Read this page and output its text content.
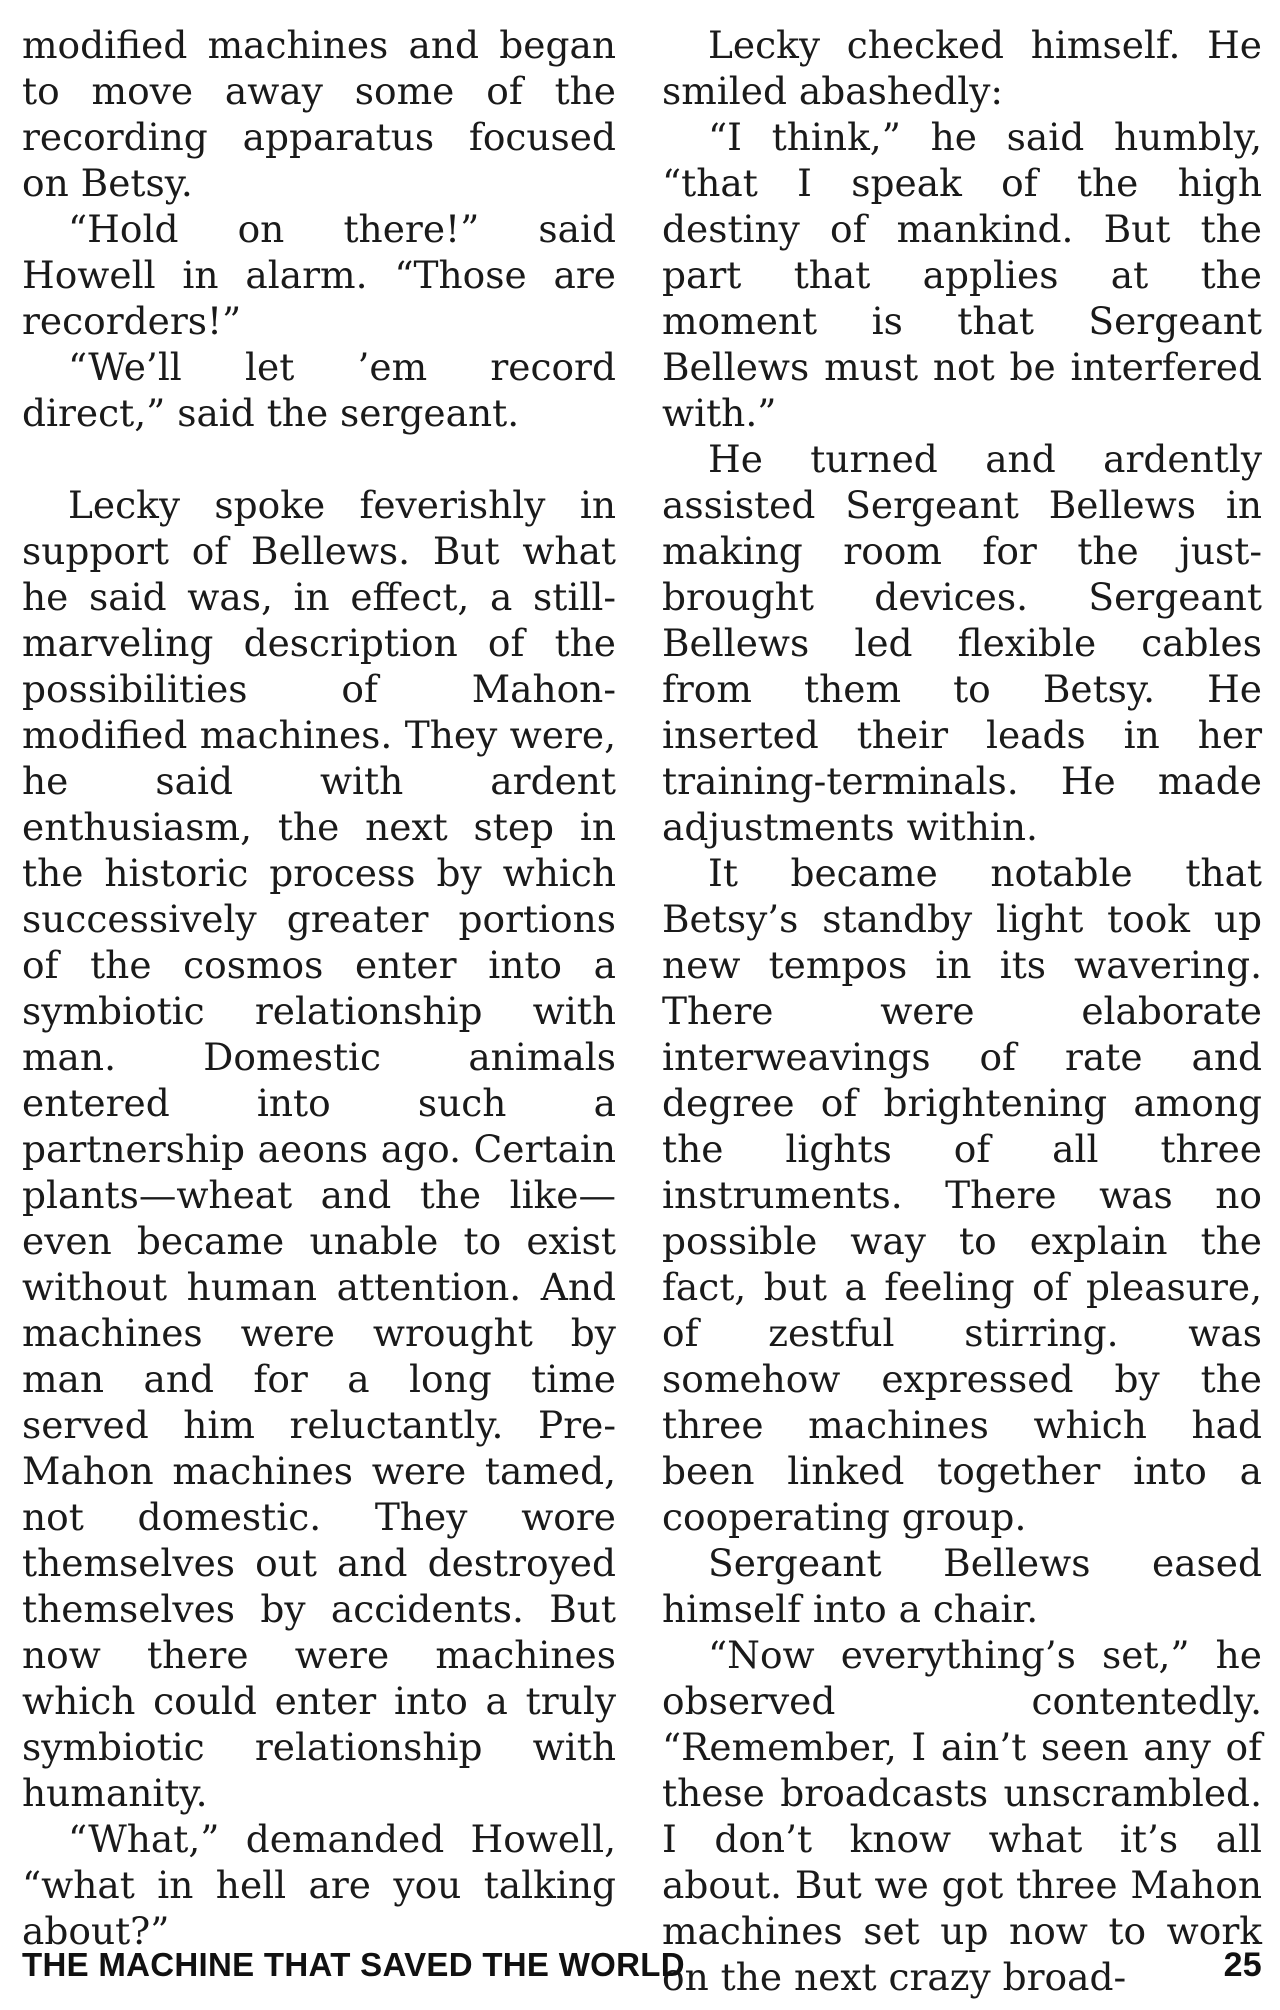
modified machines and began to move away some of the recording apparatus focused on Betsy.

“Hold on there!” said Howell in alarm. “Those are recorders!”

“We’ll let ’em record direct,” said the sergeant.

Lecky spoke feverishly in support of Bellews. But what he said was, in effect, a still-marveling description of the possibilities of Mahon-modified machines. They were, he said with ardent enthusiasm, the next step in the historic process by which successively greater portions of the cosmos enter into a symbiotic relationship with man. Domestic animals entered into such a partnership aeons ago. Certain plants—wheat and the like—even became unable to exist without human attention. And machines were wrought by man and for a long time served him reluctantly. Pre-Mahon machines were tamed, not domestic. They wore themselves out and destroyed themselves by accidents. But now there were machines which could enter into a truly symbiotic relationship with humanity.

“What,” demanded Howell, “what in hell are you talking about?”

Lecky checked himself. He smiled abashedly:

“I think,” he said humbly, “that I speak of the high destiny of mankind. But the part that applies at the moment is that Sergeant Bellews must not be interfered with.”

He turned and ardently assisted Sergeant Bellews in making room for the just-brought devices. Sergeant Bellews led flexible cables from them to Betsy. He inserted their leads in her training-terminals. He made adjustments within.

It became notable that Betsy’s standby light took up new tempos in its wavering. There were elaborate interweavings of rate and degree of brightening among the lights of all three instruments. There was no possible way to explain the fact, but a feeling of pleasure, of zestful stirring. was somehow expressed by the three machines which had been linked together into a cooperating group.

Sergeant Bellews eased himself into a chair.

“Now everything’s set,” he observed contentedly. “Remember, I ain’t seen any of these broadcasts unscrambled. I don’t know what it’s all about. But we got three Mahon machines set up now to work on the next crazy broad-

THE MACHINE THAT SAVED THE WORLD	25
